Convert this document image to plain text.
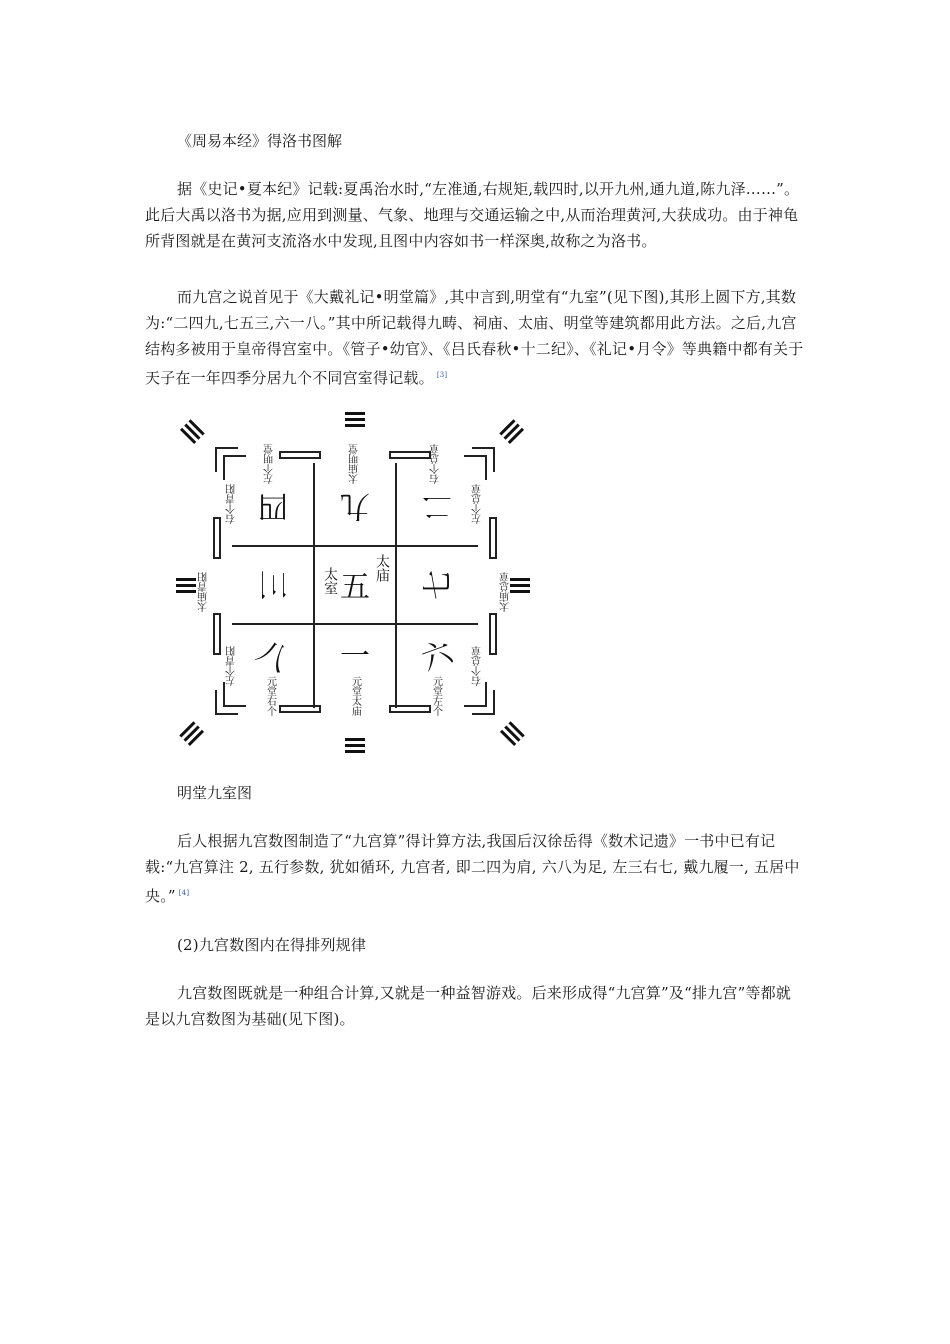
《周易本经》得洛书图解

据《史记•夏本纪》记载:夏禹治水时,“左准通,右规矩,载四时,以开九州,通九道,陈九泽……”。此后大禹以洛书为据,应用到测量、气象、地理与交通运输之中,从而治理黄河,大获成功。由于神龟所背图就是在黄河支流洛水中发现,且图中内容如书一样深奥,故称之为洛书。

而九宫之说首见于《大戴礼记•明堂篇》,其中言到,明堂有“九室”(见下图),其形上圆下方,其数为:“二四九,七五三,六一八。”其中所记载得九畴、祠庙、太庙、明堂等建筑都用此方法。之后,九宫结构多被用于皇帝得宫室中。《管子•幼官》、《吕氏春秋•十二纪》、《礼记•月令》等典籍中都有关于天子在一年四季分居九个不同宫室得记载。 [3]

四 九 二
三 五 七
八 一 六
太室	太庙
左个明堂	太庙明堂	右个总章
右个青阳
太庙青阳
左个青阳
左个总章
太庙总章
右个总章
元堂右个	元堂太庙	元堂左个

明堂九室图

后人根据九宫数图制造了“九宫算”得计算方法,我国后汉徐岳得《数术记遗》一书中已有记载:“九宫算注 2, 五行参数, 犹如循环, 九宫者, 即二四为肩, 六八为足, 左三右七, 戴九履一, 五居中央。” [4]

(2)九宫数图内在得排列规律

九宫数图既就是一种组合计算,又就是一种益智游戏。后来形成得“九宫算”及“排九宫”等都就是以九宫数图为基础(见下图)。
